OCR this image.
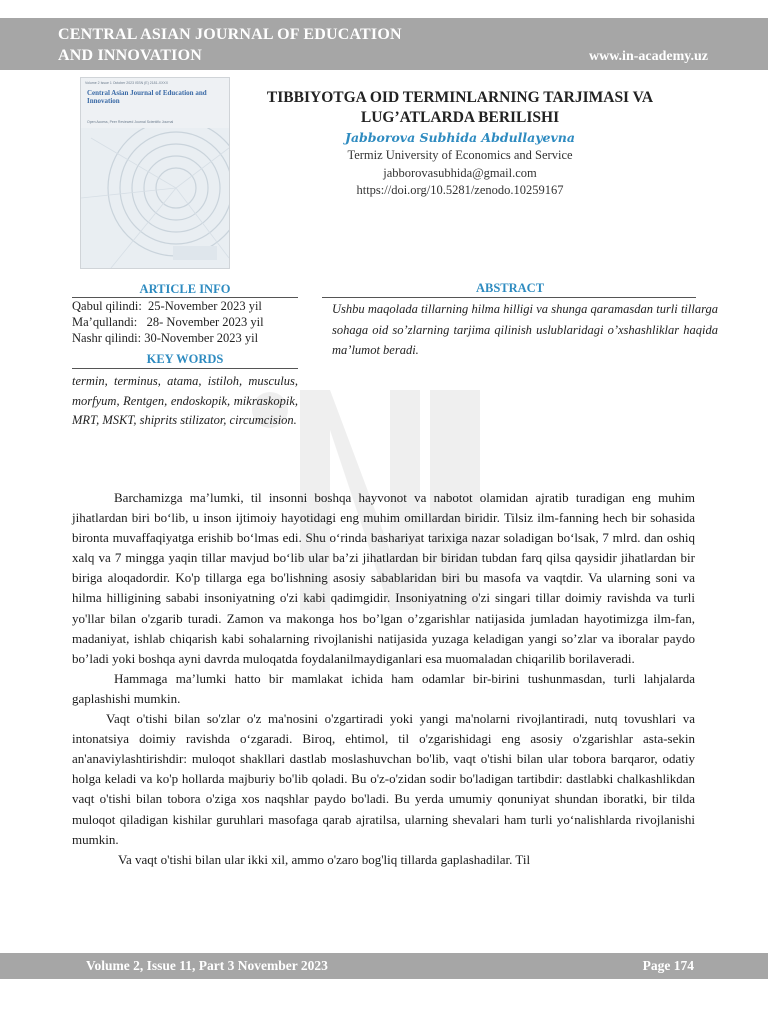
CENTRAL ASIAN JOURNAL OF EDUCATION AND INNOVATION	www.in-academy.uz
Volume 2 Issue 1 October 2023 ISSN (E) 2181-XXXX
Central Asian Journal of Education and Innovation
Open Access, Peer Reviewed Journal Scientific Journal
TIBBIYOTGA OID TERMINLARNING TARJIMASI VA LUG’ATLARDA BERILISHI
Jabborova Subhida Abdullayevna
Termiz University of Economics and Service
jabborovasubhida@gmail.com
https://doi.org/10.5281/zenodo.10259167
ARTICLE INFO
Qabul qilindi:  25-November 2023 yil
Ma’qullandi:   28- November 2023 yil
Nashr qilindi: 30-November 2023 yil
KEY WORDS
termin, terminus, atama, istiloh, musculus, morfyum, Rentgen, endoskopik, mikraskopik, MRT, MSKT, shiprits stilizator, circumcision.
ABSTRACT
Ushbu maqolada tillarning hilma hilligi va shunga qaramasdan turli tillarga sohaga oid so’zlarning tarjima qilinish uslublaridagi o’xshashliklar haqida ma’lumot beradi.

Barchamizga ma’lumki, til insonni boshqa hayvonot va nabotot olamidan ajratib turadigan eng muhim jihatlardan biri bo‘lib, u inson ijtimoiy hayotidagi eng muhim omillardan biridir. Tilsiz ilm-fanning hech bir sohasida bironta muvaffaqiyatga erishib bo‘lmas edi. Shu o‘rinda bashariyat tarixiga nazar soladigan bo‘lsak, 7 mlrd. dan oshiq xalq va 7 mingga yaqin tillar mavjud bo‘lib ular ba’zi jihatlardan bir biridan tubdan farq qilsa qaysidir jihatlardan bir biriga aloqadordir. Ko'p tillarga ega bo'lishning asosiy sabablaridan biri bu masofa va vaqtdir. Va ularning soni va hilma hilligining sababi insoniyatning o'zi kabi qadimgidir. Insoniyatning o'zi singari tillar doimiy ravishda va turli yo'llar bilan o'zgarib turadi. Zamon va makonga hos bo’lgan o’zgarishlar natijasida jumladan hayotimizga ilm-fan, madaniyat, ishlab chiqarish kabi sohalarning rivojlanishi natijasida yuzaga keladigan yangi so’zlar va iboralar paydo bo’ladi yoki boshqa ayni davrda muloqatda foydalanilmaydiganlari esa muomaladan chiqarilib borilaveradi.

Hammaga ma’lumki hatto bir mamlakat ichida ham odamlar bir-birini tushunmasdan, turli lahjalarda gaplashishi mumkin.

Vaqt o'tishi bilan so'zlar o'z ma'nosini o'zgartiradi yoki yangi ma'nolarni rivojlantiradi, nutq tovushlari va intonatsiya doimiy ravishda o‘zgaradi. Biroq, ehtimol, til o'zgarishidagi eng asosiy o'zgarishlar asta-sekin an'anaviylashtirishdir: muloqot shakllari dastlab moslashuvchan bo'lib, vaqt o'tishi bilan ular tobora barqaror, odatiy holga keladi va ko'p hollarda majburiy bo'lib qoladi. Bu o'z-o'zidan sodir bo'ladigan tartibdir: dastlabki chalkashlikdan vaqt o'tishi bilan tobora o'ziga xos naqshlar paydo bo'ladi. Bu yerda umumiy qonuniyat shundan iboratki, bir tilda muloqot qiladigan kishilar guruhlari masofaga qarab ajratilsa, ularning shevalari ham turli yo‘nalishlarda rivojlanishi mumkin.

Va vaqt o'tishi bilan ular ikki xil, ammo o'zaro bog'liq tillarda gaplashadilar. Til

Volume 2, Issue 11, Part 3 November 2023	Page 174
